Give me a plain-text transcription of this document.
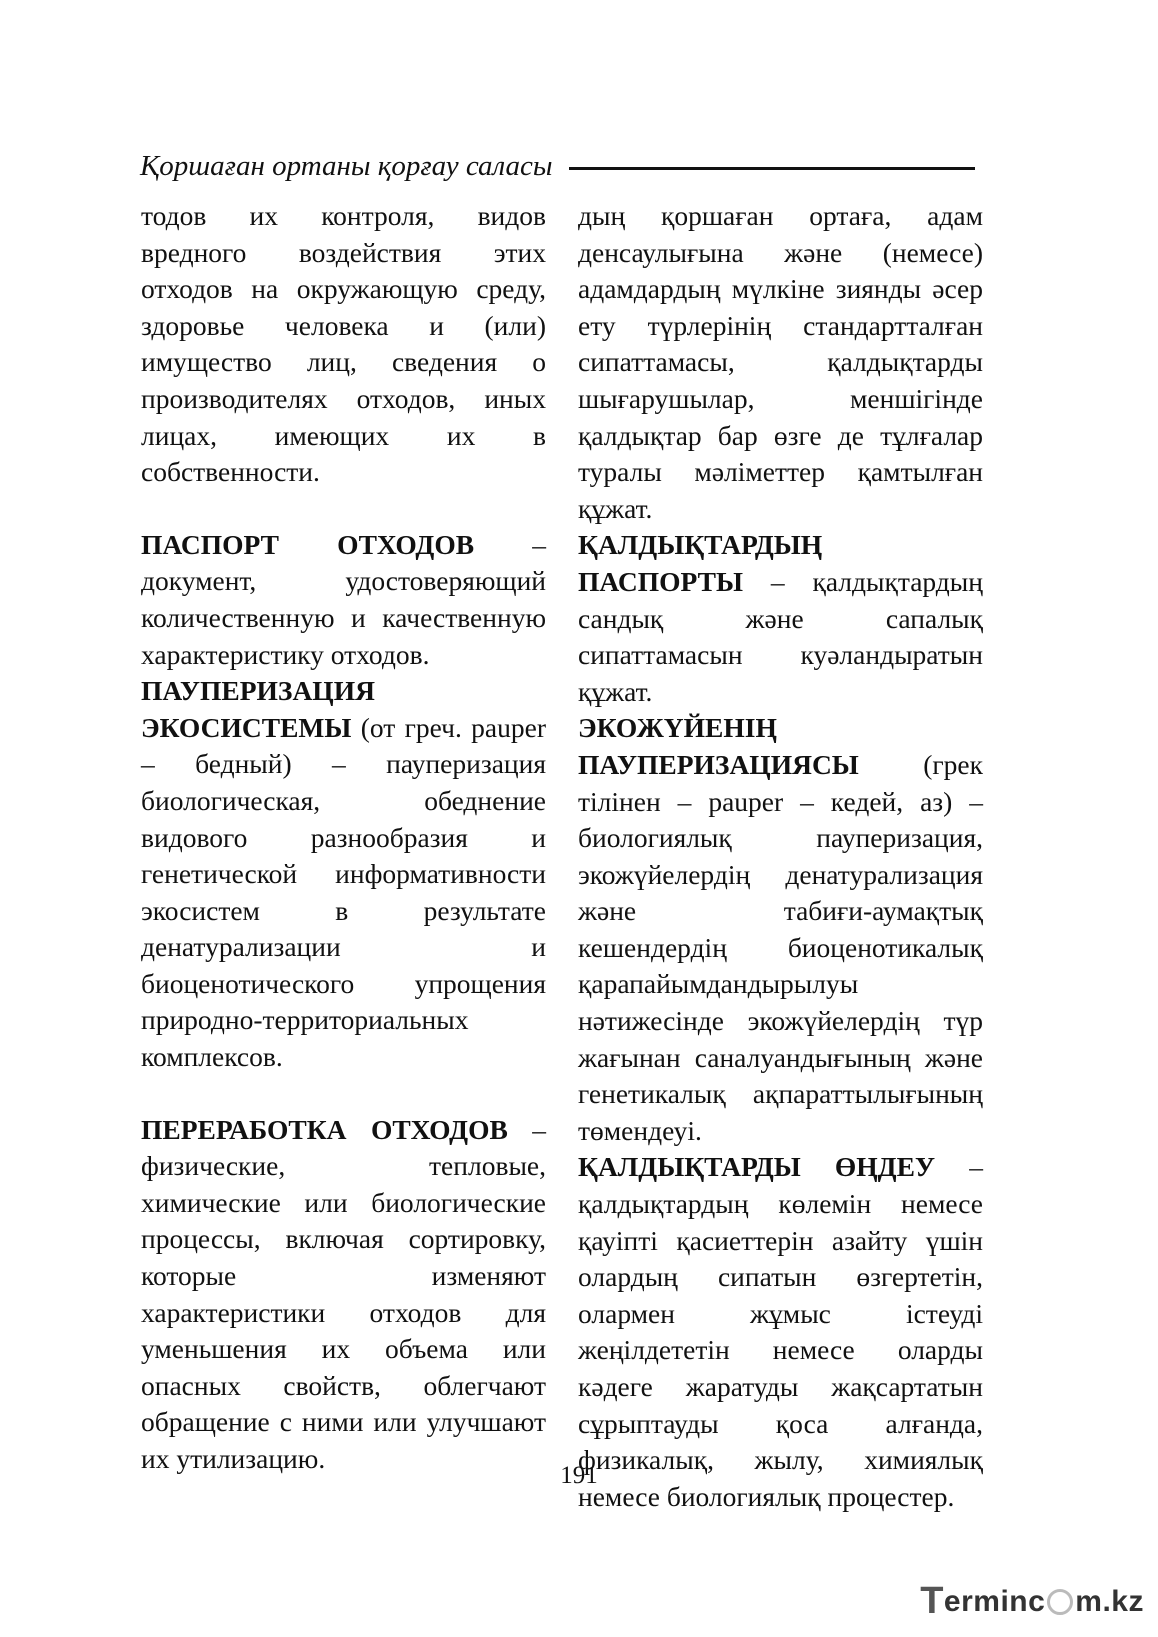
Қоршаған ортаны қорғау саласы

тодов их контроля, видов вредного воздействия этих отходов на окружающую среду, здоровье человека и (или) имущество лиц, сведения о производителях отходов, иных лицах, имеющих их в собственности.

ПАСПОРТ ОТХОДОВ – документ, удостоверяющий количественную и качественную характеристику отходов.

ПАУПЕРИЗАЦИЯ ЭКОСИСТЕМЫ (от греч. pauper – бедный) – пауперизация биологическая, обеднение видового разнообразия и генетической информативности экосистем в результате денатурализации и биоценотического упрощения природно-территориальных комплексов.

ПЕРЕРАБОТКА ОТХОДОВ – физические, тепловые, химические или биологические процессы, включая сортировку, которые изменяют характеристики отходов для уменьшения их объема или опасных свойств, облегчают обращение с ними или улучшают их утилизацию.

дың қоршаған ортаға, адам денсаулығына және (немесе) адамдардың мүлкіне зиянды әсер ету түрлерінің стандартталған сипаттамасы, қалдықтарды шығарушылар, меншігінде қалдықтар бар өзге де тұлғалар туралы мәліметтер қамтылған құжат.

ҚАЛДЫҚТАРДЫҢ ПАСПОРТЫ – қалдықтардың сандық және сапалық сипаттамасын куәландыратын құжат.

ЭКОЖҮЙЕНІҢ ПАУПЕРИЗАЦИЯСЫ (грек тілінен – pauper – кедей, аз) – биологиялық пауперизация, экожүйелердің денатурализация және табиғи-аумақтық кешендердің биоценотикалық қарапайымдандырылуы нәтижесінде экожүйелердің түр жағынан саналуандығының және генетикалық ақпараттылығының төмендеуі.

ҚАЛДЫҚТАРДЫ ӨҢДЕУ – қалдықтардың көлемін немесе қауіпті қасиеттерін азайту үшін олардың сипатын өзгертетін, олармен жұмыс істеуді жеңілдететін немесе оларды кәдеге жаратуды жақсартатын сұрыптауды қоса алғанда, физикалық, жылу, химиялық немесе биологиялық процестер.

191
T erminc m.kz
